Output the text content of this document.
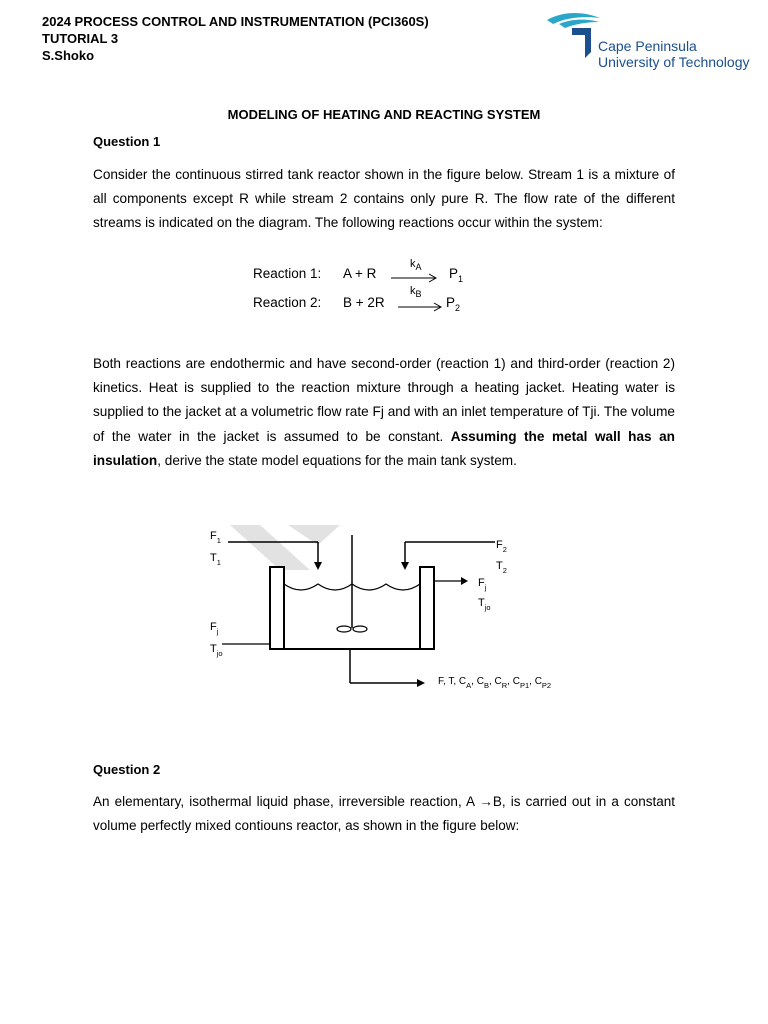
2024 PROCESS CONTROL AND INSTRUMENTATION (PCI360S)
TUTORIAL 3
S.Shoko
Cape Peninsula
University of Technology
MODELING OF HEATING AND REACTING SYSTEM
Question 1
Consider the continuous stirred tank reactor shown in the figure below. Stream 1 is a mixture of all components except R while stream 2 contains only pure R. The flow rate of the different streams is indicated on the diagram. The following reactions occur within the system:
Reaction 1: A + R
$k_A \to P_1$
Reaction 2: B + 2R
$k_B$
→ $P_2$
Both reactions are endothermic and have second-order (reaction 1) and third-order (reaction 2) kinetics. Heat is supplied to the reaction mixture through a heating jacket. Heating water is supplied to the jacket at a volumetric flow rate Fj and with an inlet temperature of Tji. The volume of the water in the jacket is assumed to be constant. Assuming the metal wall has an insulation, derive the state model equations for the main tank system.
$F_1$
$T_1$
$F_2$
$T_2$
$F_j$
$T_{jo}$
$F_j$
$T_{jo}$
F, T, $C_A$, $C_B$, $C_R$, $C_{P1}$, $C_{P2}$
Question 2
An elementary, isothermal liquid phase, irreversible reaction, A →B, is carried out in a constant volume perfectly mixed contiouns reactor, as shown in the figure below:
